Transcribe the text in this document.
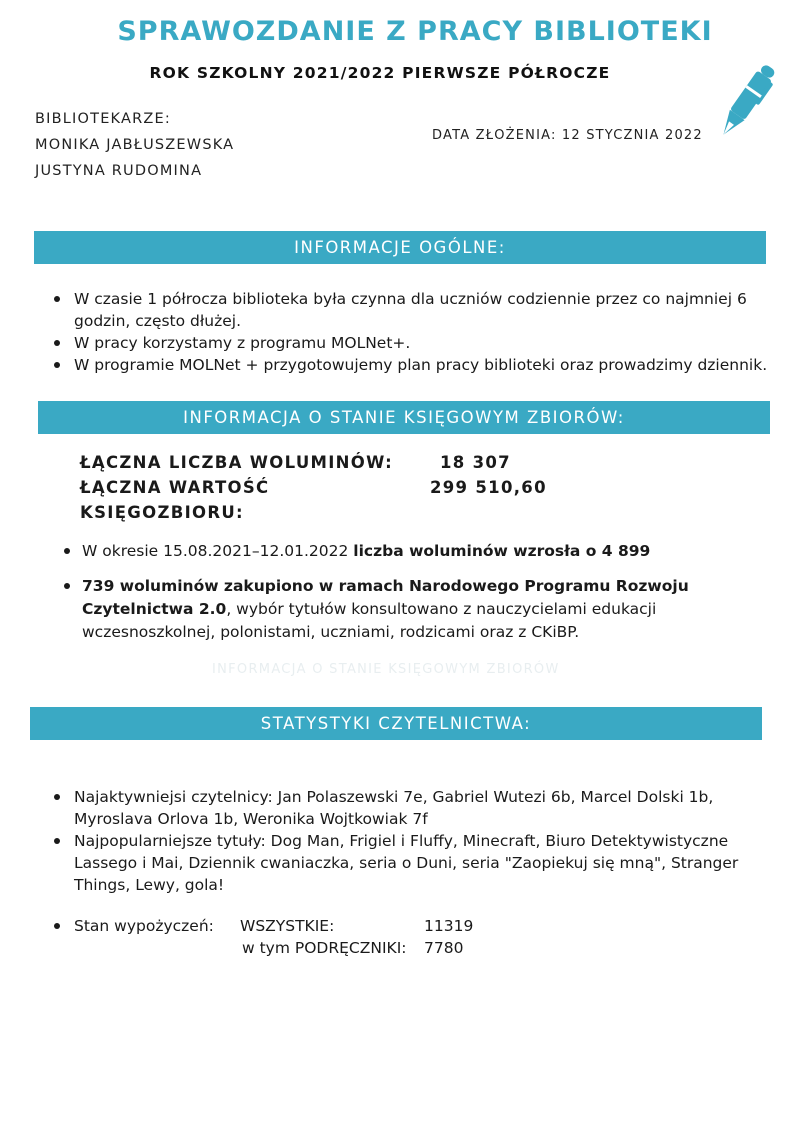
SPRAWOZDANIE Z PRACY BIBLIOTEKI
ROK SZKOLNY 2021/2022 PIERWSZE PÓŁROCZE
BIBLIOTEKARZE:
MONIKA JABŁUSZEWSKA
JUSTYNA RUDOMINA
DATA ZŁOŻENIA: 12 STYCZNIA 2022
INFORMACJE OGÓLNE:
W czasie 1 półrocza biblioteka była czynna dla uczniów codziennie przez co najmniej 6 godzin, często dłużej.
W pracy korzystamy z programu MOLNet+.
W programie MOLNet + przygotowujemy plan pracy biblioteki oraz prowadzimy dziennik.
INFORMACJA O STANIE KSIĘGOWYM ZBIORÓW:
ŁĄCZNA LICZBA WOLUMINÓW:	18 307
ŁĄCZNA WARTOŚĆ KSIĘGOZBIORU:
299 510,60
W okresie 15.08.2021–12.01.2022 liczba woluminów wzrosła o 4 899
739 woluminów zakupiono w ramach Narodowego Programu Rozwoju Czytelnictwa 2.0, wybór tytułów konsultowano z nauczycielami edukacji wczesnoszkolnej, polonistami, uczniami, rodzicami oraz z CKiBP.
INFORMACJA O STANIE KSIĘGOWYM ZBIORÓW
STATYSTYKI CZYTELNICTWA:
Najaktywniejsi czytelnicy: Jan Polaszewski 7e, Gabriel Wutezi 6b, Marcel Dolski 1b, Myroslava Orlova 1b, Weronika Wojtkowiak 7f
Najpopularniejsze tytuły: Dog Man, Frigiel i Fluffy, Minecraft, Biuro Detektywistyczne Lassego i Mai, Dziennik cwaniaczka, seria o Duni, seria "Zaopiekuj się mną", Stranger Things, Lewy, gola!
Stan wypożyczeń: WSZYSTKIE:	11319
w tym PODRĘCZNIKI: 7780
